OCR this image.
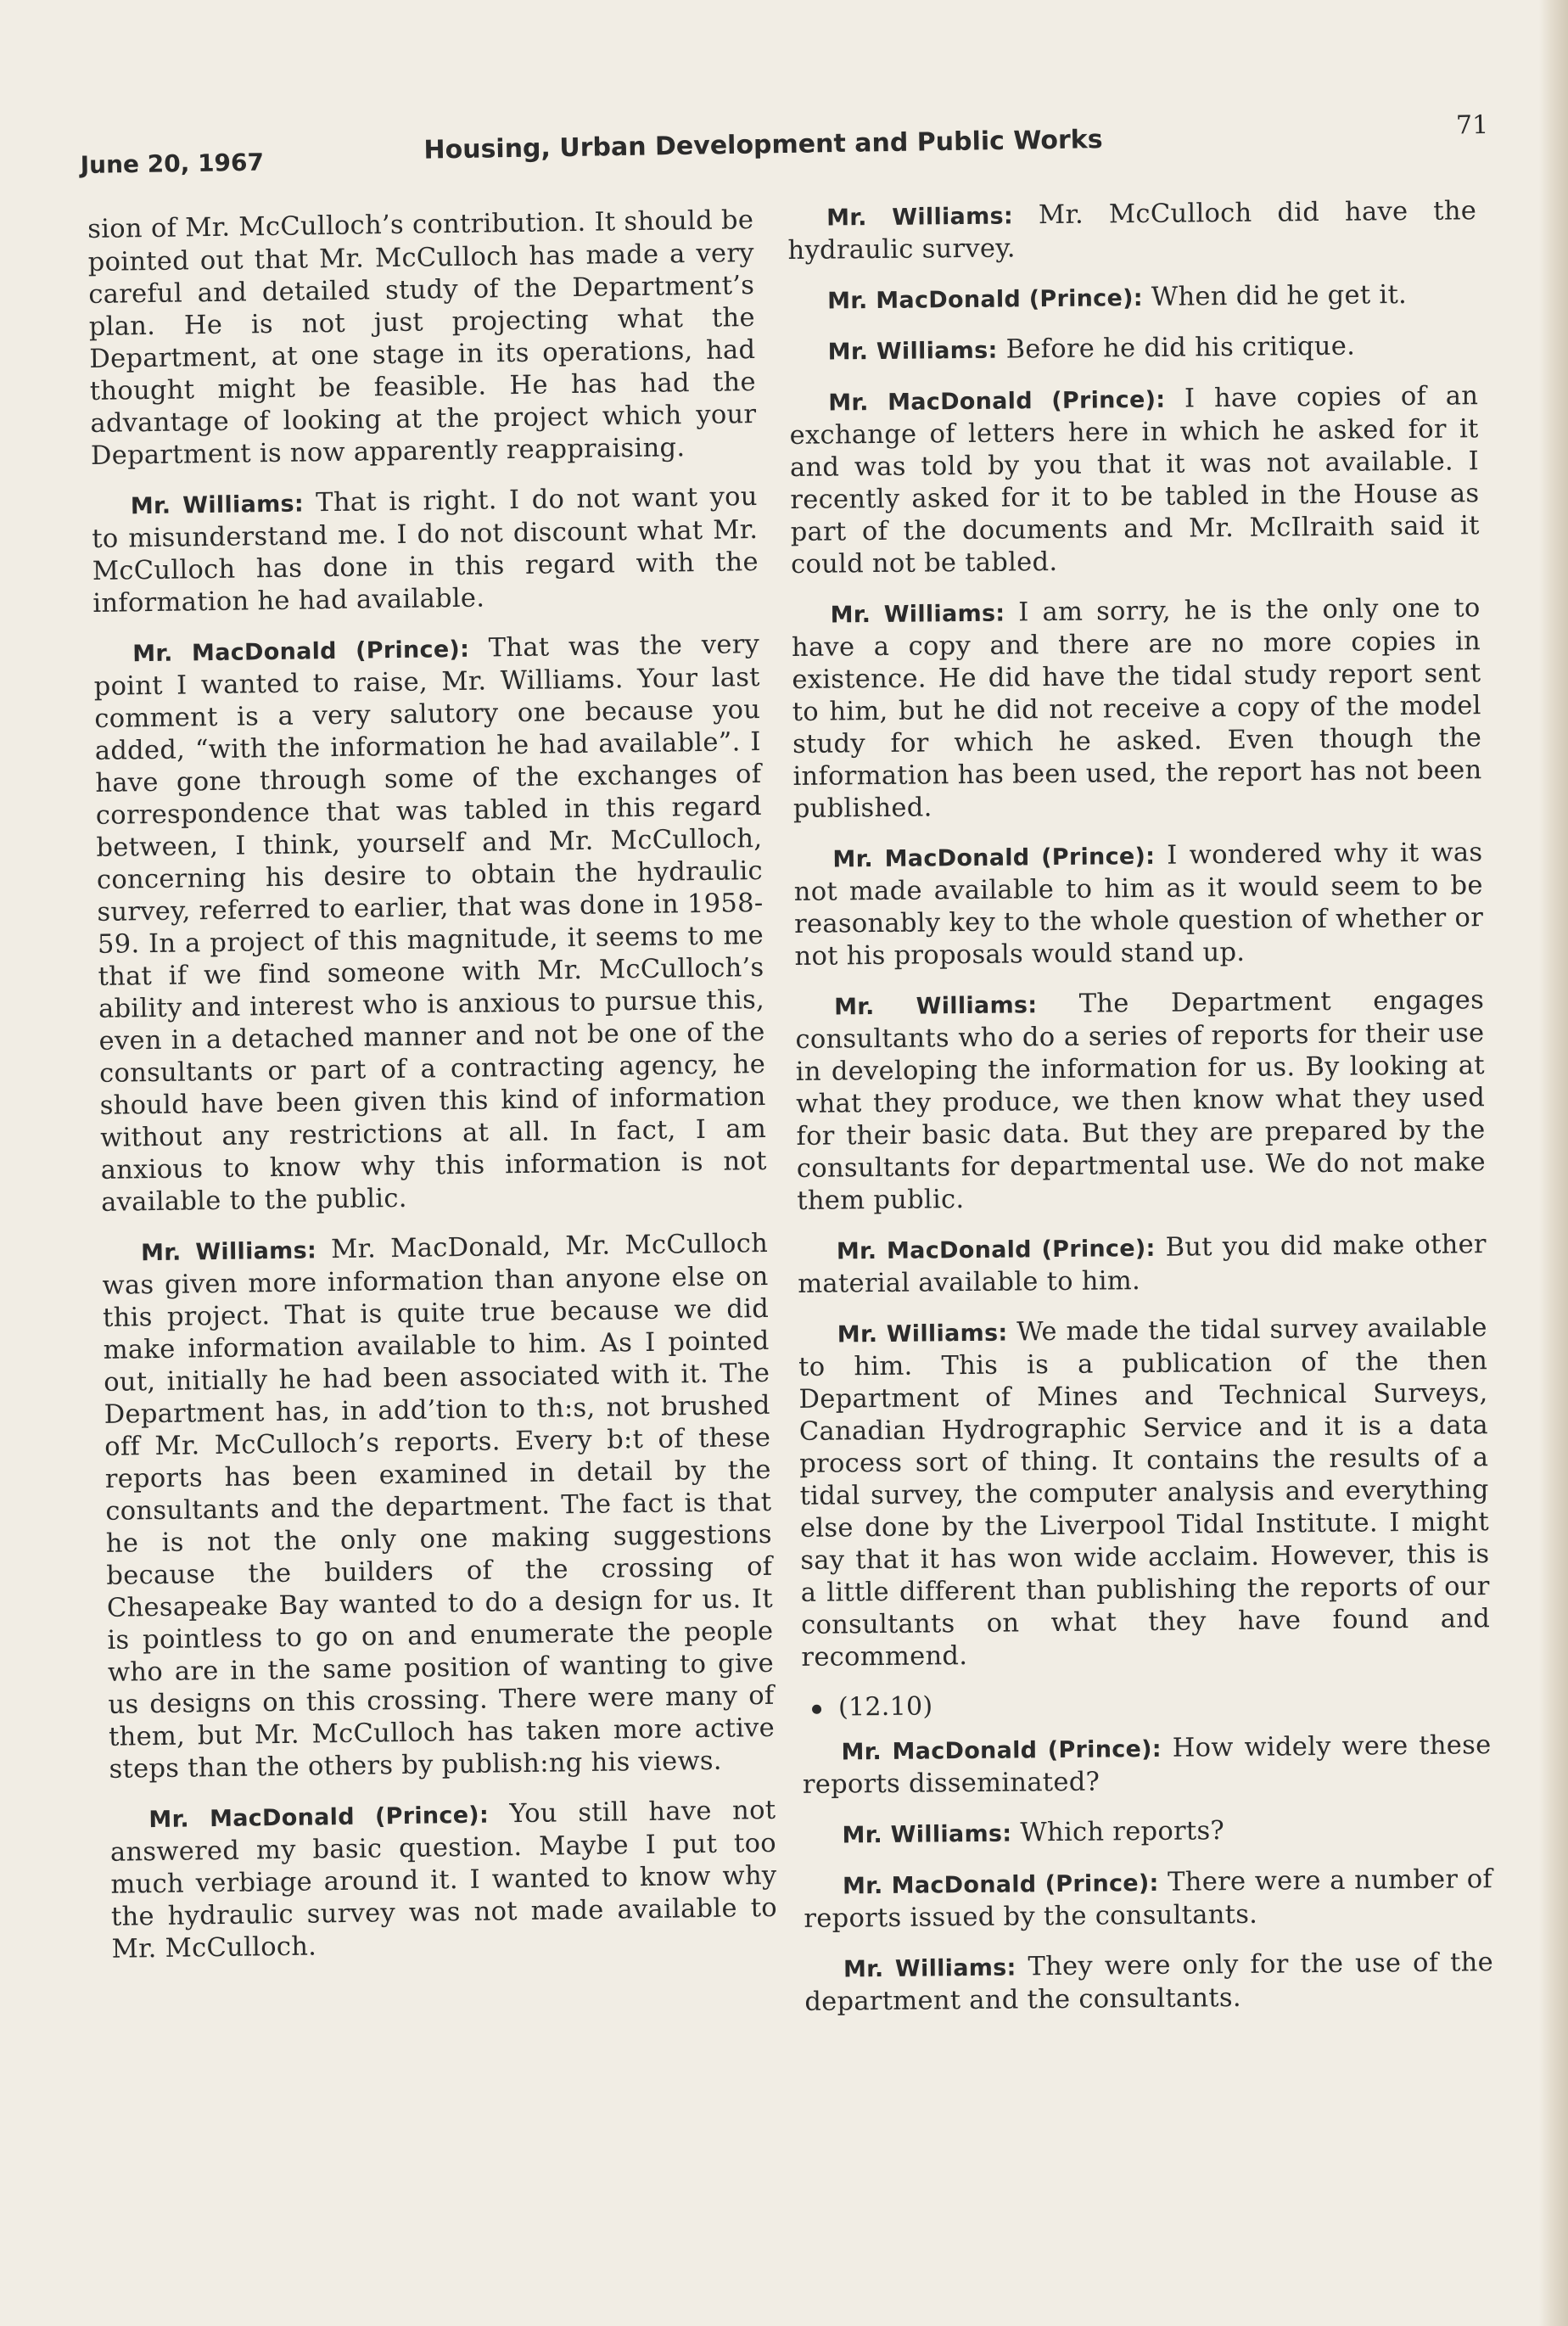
June 20, 1967	Housing, Urban Development and Public Works	71

sion of Mr. McCulloch’s contribution. It should be pointed out that Mr. McCulloch has made a very careful and detailed study of the Department’s plan. He is not just projecting what the Department, at one stage in its operations, had thought might be feasible. He has had the advantage of looking at the project which your Department is now apparently reappraising.

Mr. Williams: That is right. I do not want you to misunderstand me. I do not discount what Mr. McCulloch has done in this regard with the information he had available.

Mr. MacDonald (Prince): That was the very point I wanted to raise, Mr. Williams. Your last comment is a very salutory one because you added, “with the information he had available”. I have gone through some of the exchanges of correspondence that was tabled in this regard between, I think, yourself and Mr. McCulloch, concerning his desire to obtain the hydraulic survey, referred to earlier, that was done in 1958-59. In a project of this magnitude, it seems to me that if we find someone with Mr. McCulloch’s ability and interest who is anxious to pursue this, even in a detached manner and not be one of the consultants or part of a contracting agency, he should have been given this kind of information without any restrictions at all. In fact, I am anxious to know why this information is not available to the public.

Mr. Williams: Mr. MacDonald, Mr. McCulloch was given more information than anyone else on this project. That is quite true because we did make information available to him. As I pointed out, initially he had been associated with it. The Department has, in add’tion to th:s, not brushed off Mr. McCulloch’s reports. Every b:t of these reports has been examined in detail by the consultants and the department. The fact is that he is not the only one making suggestions because the builders of the crossing of Chesapeake Bay wanted to do a design for us. It is pointless to go on and enumerate the people who are in the same position of wanting to give us designs on this crossing. There were many of them, but Mr. McCulloch has taken more active steps than the others by publish:ng his views.

Mr. MacDonald (Prince): You still have not answered my basic question. Maybe I put too much verbiage around it. I wanted to know why the hydraulic survey was not made available to Mr. McCulloch.

Mr. Williams: Mr. McCulloch did have the hydraulic survey.

Mr. MacDonald (Prince): When did he get it.

Mr. Williams: Before he did his critique.

Mr. MacDonald (Prince): I have copies of an exchange of letters here in which he asked for it and was told by you that it was not available. I recently asked for it to be tabled in the House as part of the documents and Mr. McIlraith said it could not be tabled.

Mr. Williams: I am sorry, he is the only one to have a copy and there are no more copies in existence. He did have the tidal study report sent to him, but he did not receive a copy of the model study for which he asked. Even though the information has been used, the report has not been published.

Mr. MacDonald (Prince): I wondered why it was not made available to him as it would seem to be reasonably key to the whole question of whether or not his proposals would stand up.

Mr. Williams: The Department engages consultants who do a series of reports for their use in developing the information for us. By looking at what they produce, we then know what they used for their basic data. But they are prepared by the consultants for departmental use. We do not make them public.

Mr. MacDonald (Prince): But you did make other material available to him.

Mr. Williams: We made the tidal survey available to him. This is a publication of the then Department of Mines and Technical Surveys, Canadian Hydrographic Service and it is a data process sort of thing. It contains the results of a tidal survey, the computer analysis and everything else done by the Liverpool Tidal Institute. I might say that it has won wide acclaim. However, this is a little different than publishing the reports of our consultants on what they have found and recommend.

(12.10)

Mr. MacDonald (Prince): How widely were these reports disseminated?

Mr. Williams: Which reports?

Mr. MacDonald (Prince): There were a number of reports issued by the consultants.

Mr. Williams: They were only for the use of the department and the consultants.
